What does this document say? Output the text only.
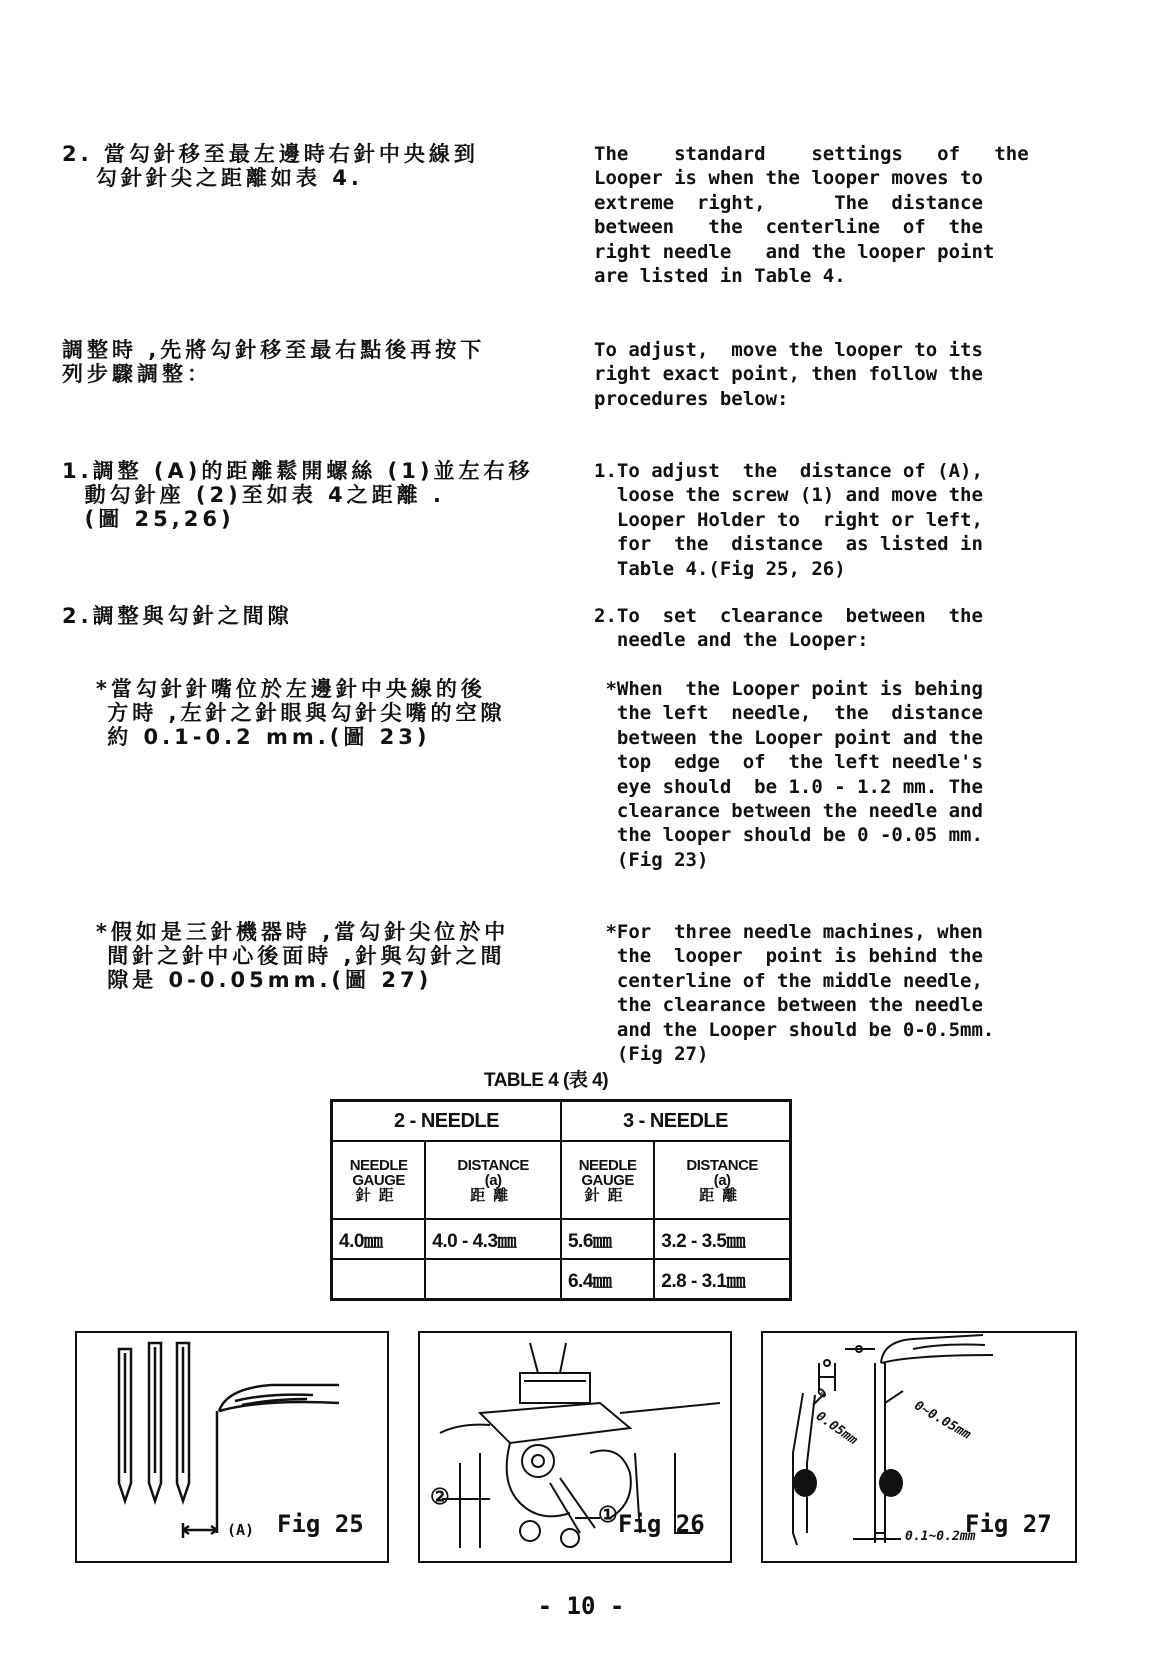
2. 當勾針移至最左邊時右針中央線到
勾針針尖之距離如表 4.
The    standard    settings   of   the
Looper is when the looper moves to
extreme  right,      The  distance
between   the  centerline  of  the
right needle   and the looper point
are listed in Table 4.
調整時 ,先將勾針移至最右點後再按下
列步驟調整：
To adjust,  move the looper to its
right exact point, then follow the
procedures below:
1.調整 (A)的距離鬆開螺絲 (1)並左右移
動勾針座 (2)至如表 4之距離 .
(圖 25,26)
1.To adjust  the  distance of (A),
loose the screw (1) and move the
Looper Holder to  right or left,
for  the  distance  as listed in
Table 4.(Fig 25, 26)
2.調整與勾針之間隙	2.To  set  clearance  between  the
needle and the Looper:
*當勾針針嘴位於左邊針中央線的後
方時 ,左針之針眼與勾針尖嘴的空隙
約 0.1-0.2 mm.(圖 23)
*When  the Looper point is behing
the left  needle,  the  distance
between the Looper point and the
top  edge  of  the left needle's
eye should  be 1.0 - 1.2 mm. The
clearance between the needle and
the looper should be 0 -0.05 mm.
(Fig 23)
*假如是三針機器時 ,當勾針尖位於中
間針之針中心後面時 ,針與勾針之間
隙是 0-0.05mm.(圖 27)
*For  three needle machines, when
the  looper  point is behind the
centerline of the middle needle,
the clearance between the needle
and the Looper should be 0-0.5mm.
(Fig 27)
TABLE 4 (表 4)
2 - NEEDLE		3 - NEEDLE	

NEEDLE
GAUGE
針距	DISTANCE
(a)
距離	NEEDLE
GAUGE
針距	DISTANCE
(a)
距離

4.0㎜	4.0 - 4.3㎜	5.6㎜	3.2 - 3.5㎜
		6.4㎜	2.8 - 3.1㎜
(A) Fig 25
②
① Fig 26
0
0.05mm	0~0.05mm
0.1~0.2mm
Fig 27
- 10 -
